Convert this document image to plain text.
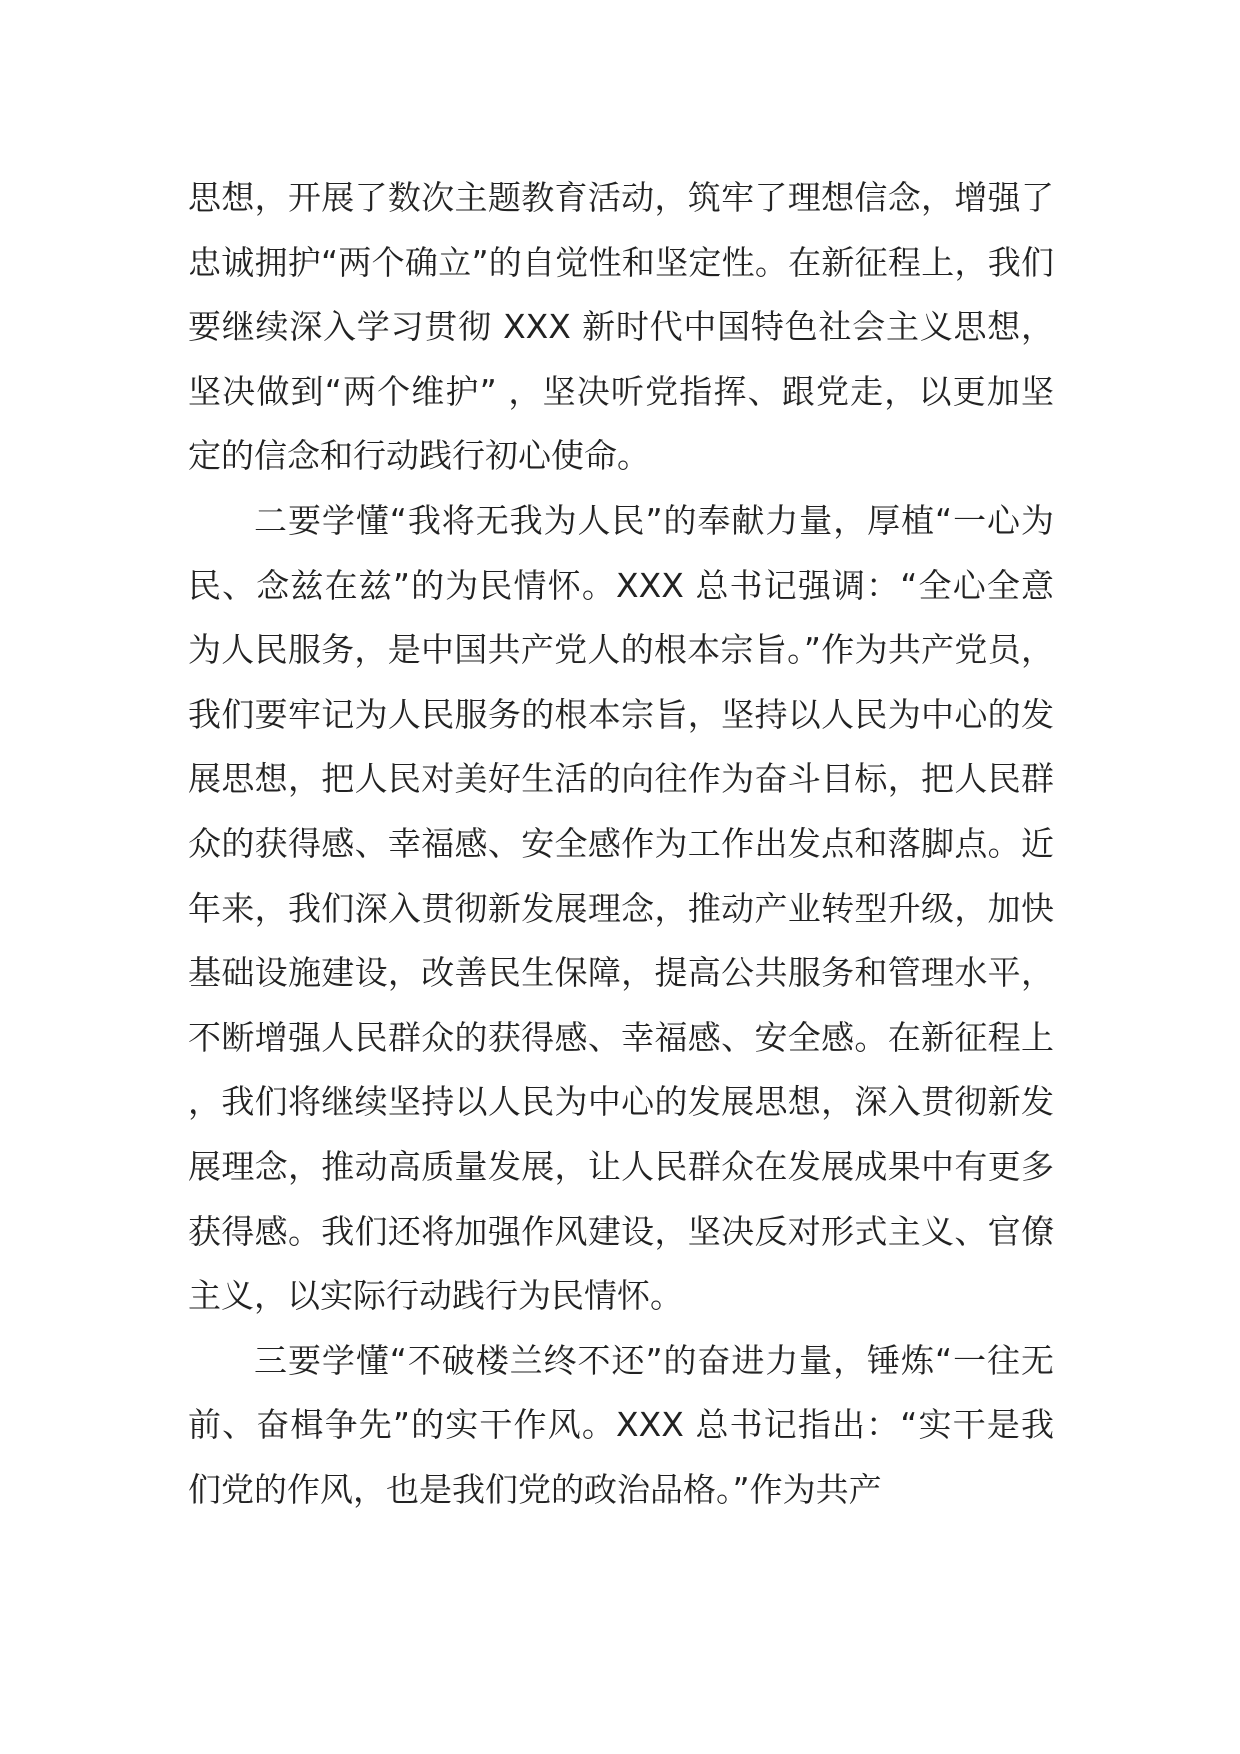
思想，开展了数次主题教育活动，筑牢了理想信念，增强了忠诚拥护“两个确立”的自觉性和坚定性。在新征程上，我们要继续深入学习贯彻 XXX 新时代中国特色社会主义思想，坚决做到“两个维护” ，坚决听党指挥、跟党走，以更加坚定的信念和行动践行初心使命。

二要学懂“我将无我为人民”的奉献力量，厚植“一心为民、念兹在兹”的为民情怀。XXX 总书记强调：“全心全意为人民服务，是中国共产党人的根本宗旨。”作为共产党员，我们要牢记为人民服务的根本宗旨，坚持以人民为中心的发展思想，把人民对美好生活的向往作为奋斗目标，把人民群众的获得感、幸福感、安全感作为工作出发点和落脚点。近年来，我们深入贯彻新发展理念，推动产业转型升级，加快基础设施建设，改善民生保障，提高公共服务和管理水平，不断增强人民群众的获得感、幸福感、安全感。在新征程上，我们将继续坚持以人民为中心的发展思想，深入贯彻新发展理念，推动高质量发展，让人民群众在发展成果中有更多获得感。我们还将加强作风建设，坚决反对形式主义、官僚主义，以实际行动践行为民情怀。

三要学懂“不破楼兰终不还”的奋进力量，锤炼“一往无前、奋楫争先”的实干作风。XXX 总书记指出：“实干是我们党的作风，也是我们党的政治品格。”作为共产
